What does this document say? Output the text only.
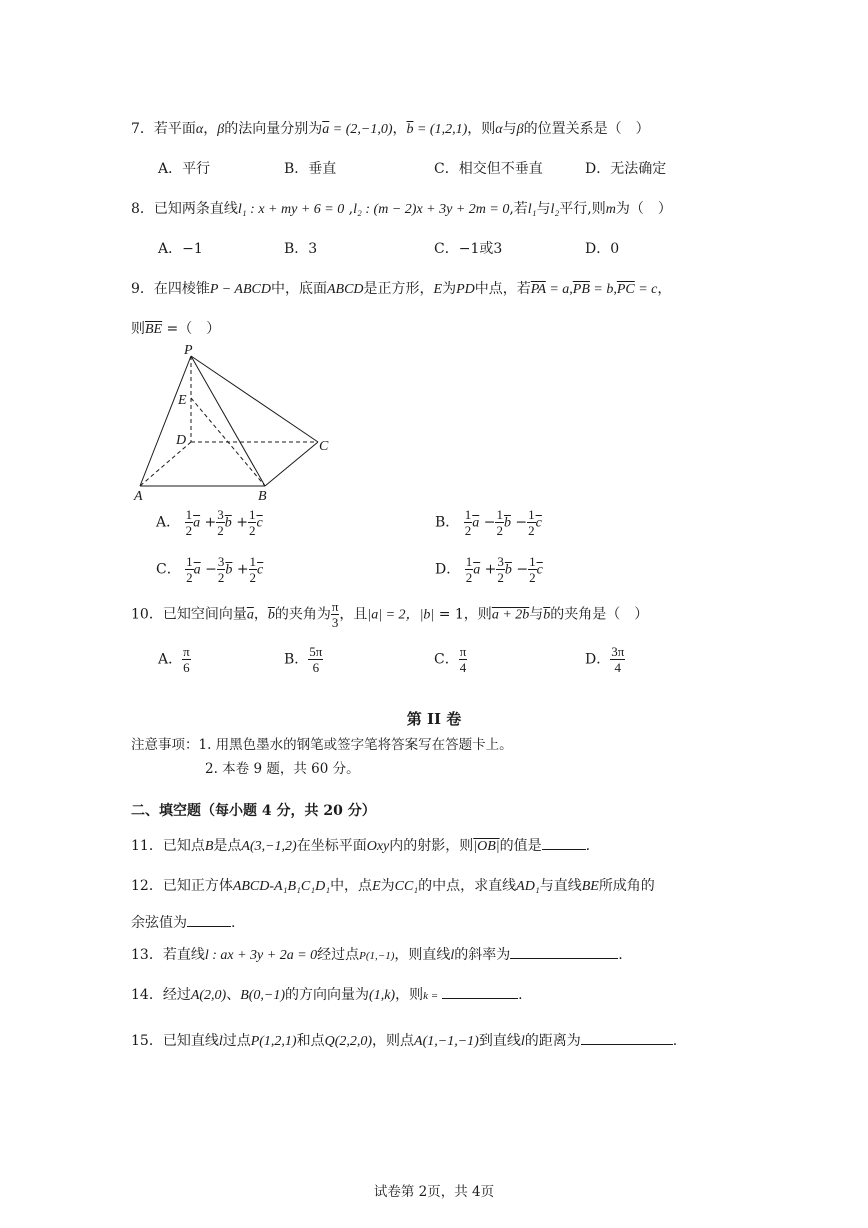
7．若平面α，β的法向量分别为$\overline{a} = (2,-1,0)$，$\overline{b} = (1,2,1)$，则α与β的位置关系是（　）
A．平行	B．垂直	C．相交但不垂直	D．无法确定
8．已知两条直线l₁ : x + my + 6 = 0 ,l₂ : (m − 2)x + 3y + 2m = 0,若l₁与l₂平行,则m为（　）
A．−1	B．3	C．−1或3	D．0
9．在四棱锥P − ABCD中，底面ABCD是正方形，E为PD中点，若$\overline{PA} = a,\overline{PB} = b,\overline{PC} = c$，
则$\overline{BE}$ =（　）
P
E
D	C
A	B
A． $\frac{1}{2} \overline{a} + \frac{3}{2} \overline{b} + \frac{1}{2} \overline{c}$	B． $\frac{1}{2} \overline{a} - \frac{1}{2} \overline{b} - \frac{1}{2} \overline{c}$
C． $\frac{1}{2} \overline{a} - \frac{3}{2} \overline{b} + \frac{1}{2} \overline{c}$	D． $\frac{1}{2} \overline{a} + \frac{3}{2} \overline{b} - \frac{1}{2} \overline{c}$
10．已知空间向量$\overline{a}$，$\overline{b}$的夹角为 $\frac{\pi}{3}$ ，且|a| = 2，|b| = 1，则a + 2b与$\overline{b}$的夹角是（　）
A． $\frac{\pi}{6}$	B． $\frac{5\pi}{6}$	C． $\frac{\pi}{4}$	D． $\frac{3\pi}{4}$
第 II 卷
注意事项：1. 用黑色墨水的钢笔或签字笔将答案写在答题卡上。
2. 本卷 9 题，共 60 分。
二、填空题（每小题 4 分，共 20 分）
11．已知点B是点A(3,−1,2)在坐标平面Oxy内的射影，则|OB|的值是	.
12．已知正方体ABCD-A₁B₁C₁D₁中，点E为CC₁的中点，求直线AD₁与直线BE所成角的
余弦值为	.
13．若直线l : ax + 3y + 2a = 0经过点P(1,−1)，则直线l的斜率为	.
14．经过A(2,0)、B(0,−1)的方向向量为(1,k)，则k =	.
15．已知直线l过点P(1,2,1)和点Q(2,2,0)，则点A(1,−1,−1)到直线l的距离为	.
试卷第 2页，共 4页
